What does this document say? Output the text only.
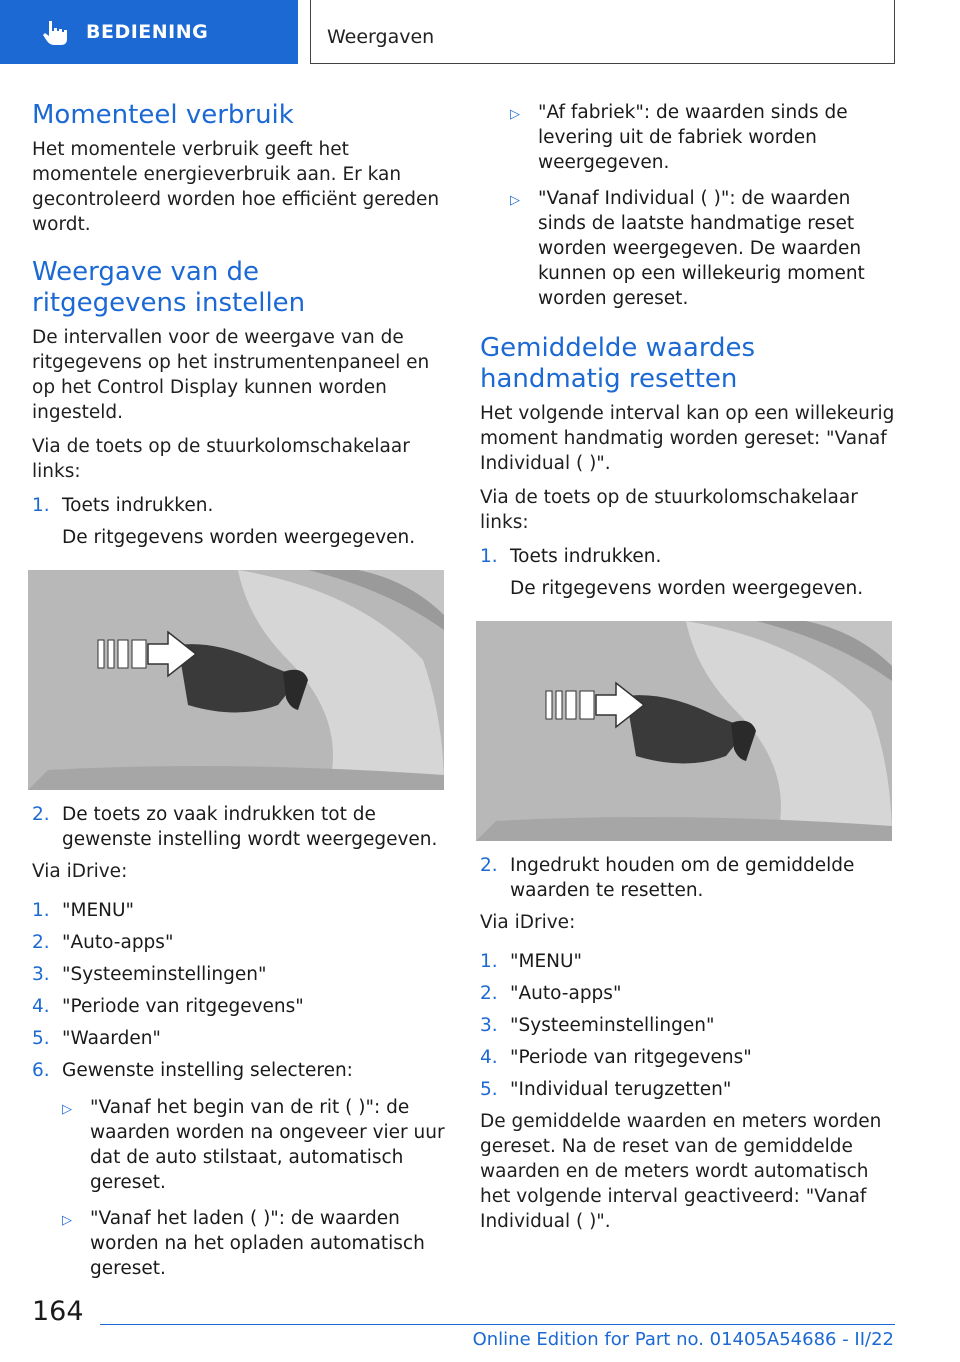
BEDIENING	Weergaven
Momenteel verbruik

Het momentele verbruik geeft het momentele energieverbruik aan. Er kan gecontroleerd worden hoe efficiënt gereden wordt.

Weergave van de ritgegevens instellen

De intervallen voor de weergave van de ritgegevens op het instrumentenpaneel en op het Control Display kunnen worden ingesteld.

Via de toets op de stuurkolomschakelaar links:

1. Toets indrukken.
De ritgegevens worden weergegeven.
2. De toets zo vaak indrukken tot de gewenste instelling wordt weergegeven.

Via iDrive:

1. "MENU"
2. "Auto-apps"
3. "Systeeminstellingen"
4. "Periode van ritgegevens"
5. "Waarden"
6. Gewenste instelling selecteren:
▷ "Vanaf het begin van de rit ( )": de waarden worden na ongeveer vier uur dat de auto stilstaat, automatisch gereset.
▷ "Vanaf het laden ( )": de waarden worden na het opladen automatisch gereset.
▷ "Af fabriek": de waarden sinds de levering uit de fabriek worden weergegeven.
▷ "Vanaf Individual ( )": de waarden sinds de laatste handmatige reset worden weergegeven. De waarden kunnen op een willekeurig moment worden gereset.
Gemiddelde waardes handmatig resetten

Het volgende interval kan op een willekeurig moment handmatig worden gereset: "Vanaf Individual ( )".

Via de toets op de stuurkolomschakelaar links:

1. Toets indrukken.
De ritgegevens worden weergegeven.
2. Ingedrukt houden om de gemiddelde waarden te resetten.

Via iDrive:

1. "MENU"
2. "Auto-apps"
3. "Systeeminstellingen"
4. "Periode van ritgegevens"
5. "Individual terugzetten"

De gemiddelde waarden en meters worden gereset. Na de reset van de gemiddelde waarden en de meters wordt automatisch het volgende interval geactiveerd: "Vanaf Individual ( )".

164
Online Edition for Part no. 01405A54686 - II/22
